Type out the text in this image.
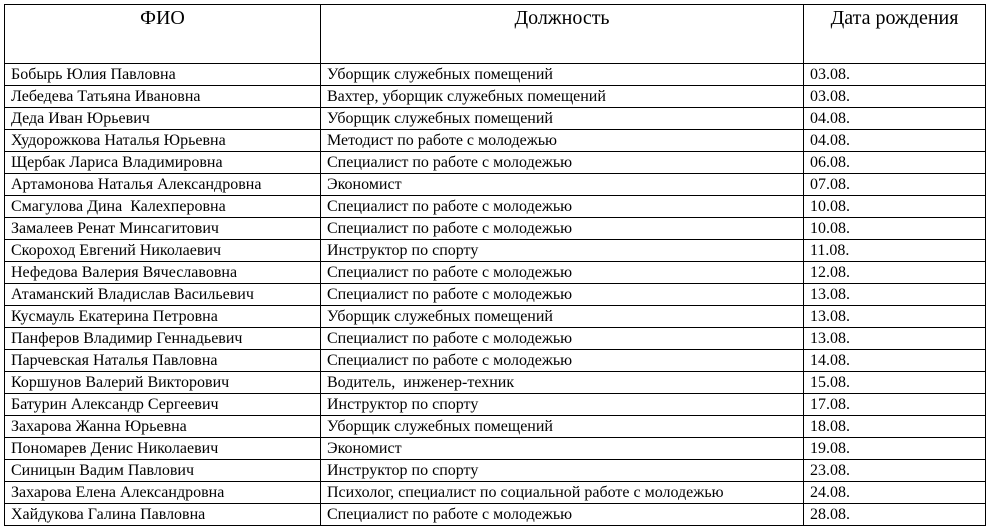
ФИО	Должность	Дата рождения
Бобырь Юлия Павловна	Уборщик служебных помещений	03.08.
Лебедева Татьяна Ивановна	Вахтер, уборщик служебных помещений	03.08.
Деда Иван Юрьевич	Уборщик служебных помещений	04.08.
Худорожкова Наталья Юрьевна	Методист по работе с молодежью	04.08.
Щербак Лариса Владимировна	Специалист по работе с молодежью	06.08.
Артамонова Наталья Александровна	Экономист	07.08.
Смагулова Дина  Калехперовна	Специалист по работе с молодежью	10.08.
Замалеев Ренат Минсагитович	Специалист по работе с молодежью	10.08.
Скороход Евгений Николаевич	Инструктор по спорту	11.08.
Нефедова Валерия Вячеславовна	Специалист по работе с молодежью	12.08.
Атаманский Владислав Васильевич	Специалист по работе с молодежью	13.08.
Кусмауль Екатерина Петровна	Уборщик служебных помещений	13.08.
Панферов Владимир Геннадьевич	Специалист по работе с молодежью	13.08.
Парчевская Наталья Павловна	Специалист по работе с молодежью	14.08.
Коршунов Валерий Викторович	Водитель,  инженер-техник	15.08.
Батурин Александр Сергеевич	Инструктор по спорту	17.08.
Захарова Жанна Юрьевна	Уборщик служебных помещений	18.08.
Пономарев Денис Николаевич	Экономист	19.08.
Синицын Вадим Павлович	Инструктор по спорту	23.08.
Захарова Елена Александровна	Психолог, специалист по социальной работе с молодежью	24.08.
Хайдукова Галина Павловна	Специалист по работе с молодежью	28.08.
